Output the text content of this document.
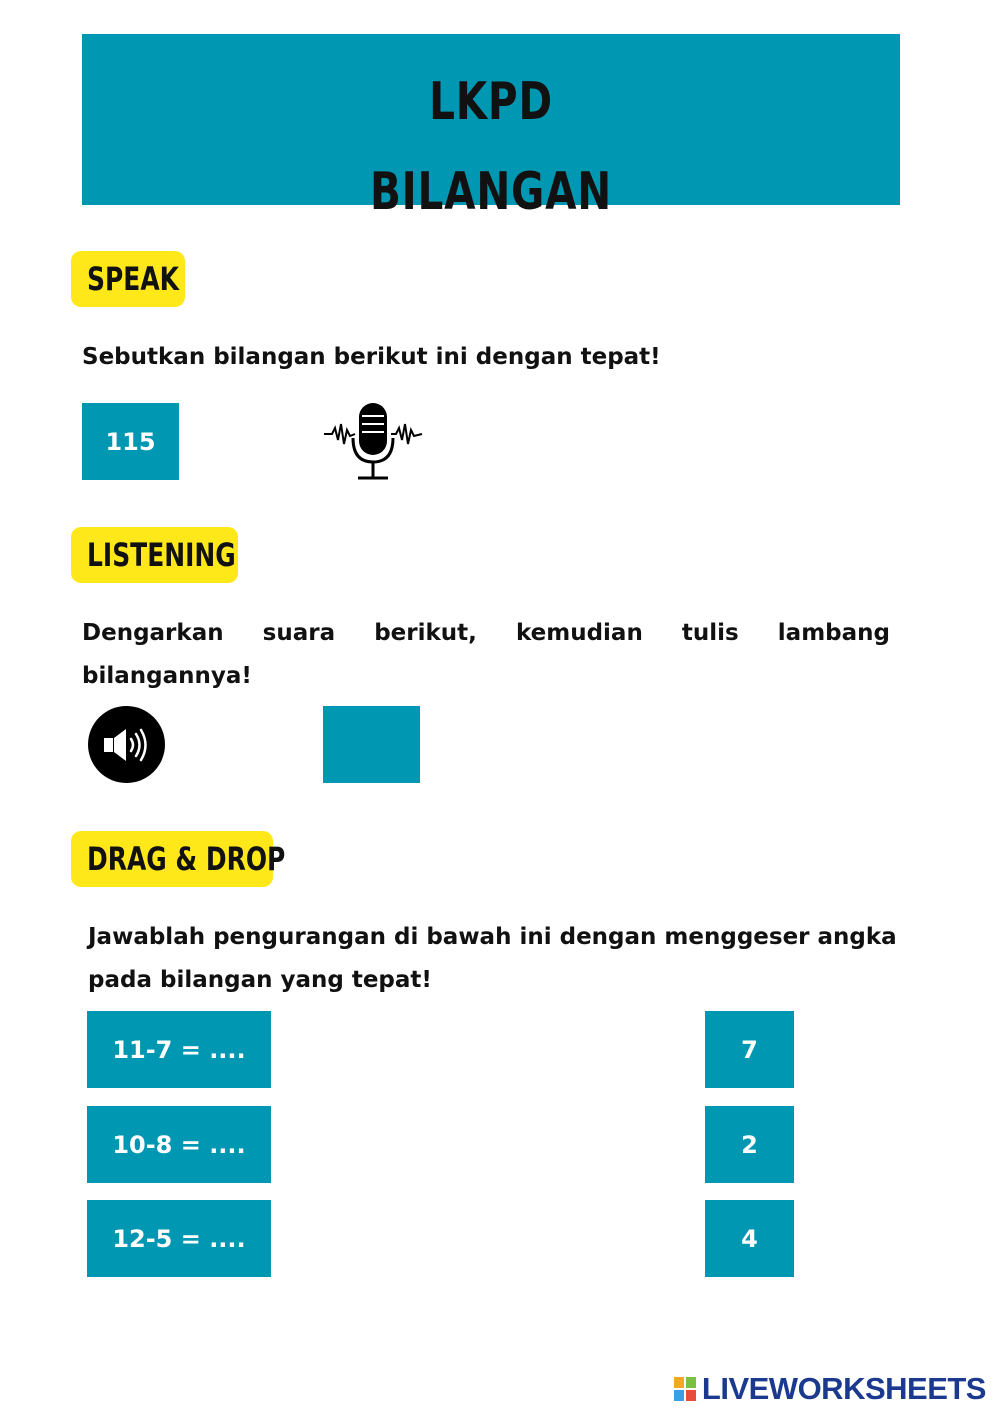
LKPD
BILANGAN
SPEAK
Sebutkan bilangan berikut ini dengan tepat!
115
LISTENING
Dengarkan suara berikut, kemudian tulis lambang
bilangannya!
DRAG & DROP
Jawablah pengurangan di bawah ini dengan menggeser angka
pada bilangan yang tepat!
11-7 = ....
10-8 = ....
12-5 = ....
7
2
4
LIVEWORKSHEETS
